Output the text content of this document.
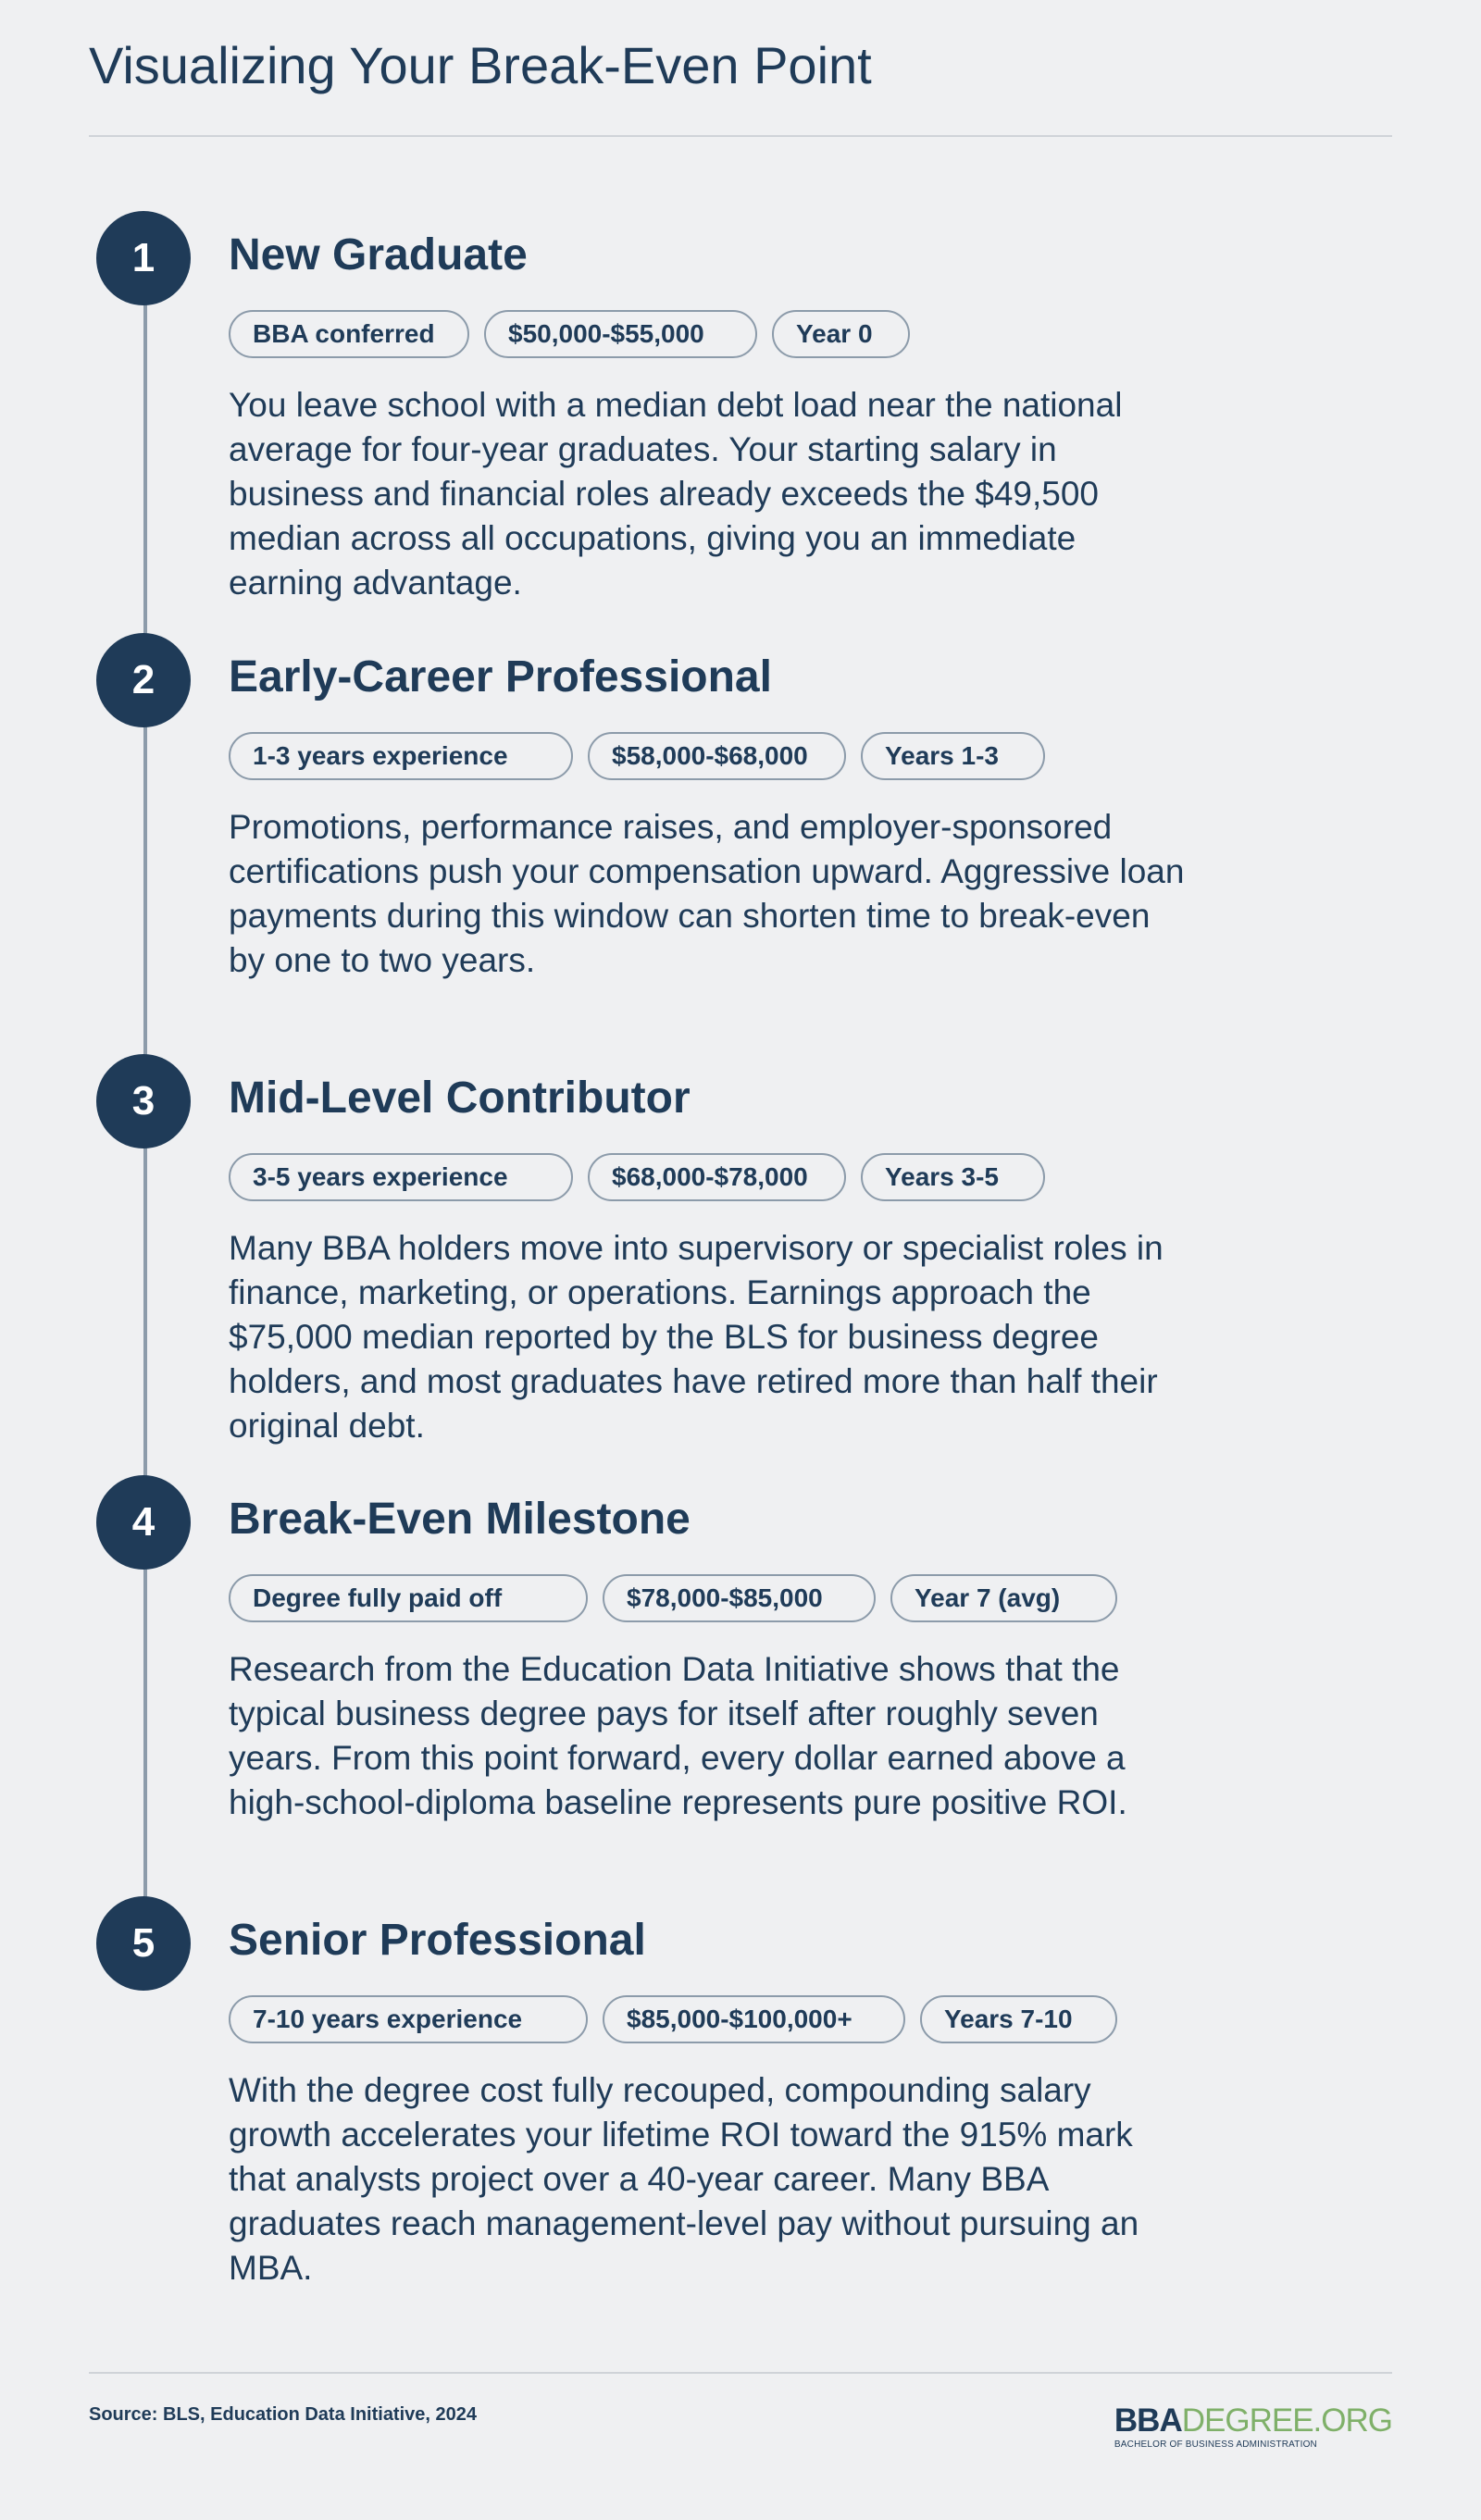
Visualizing Your Break-Even Point
1	New Graduate
BBA conferred	$50,000-$55,000	Year 0

You leave school with a median debt load near the national average for four-year graduates. Your starting salary in business and financial roles already exceeds the $49,500 median across all occupations, giving you an immediate earning advantage.

2	Early-Career Professional
1-3 years experience	$58,000-$68,000	Years 1-3

Promotions, performance raises, and employer-sponsored certifications push your compensation upward. Aggressive loan payments during this window can shorten time to break-even by one to two years.

3	Mid-Level Contributor
3-5 years experience	$68,000-$78,000	Years 3-5

Many BBA holders move into supervisory or specialist roles in finance, marketing, or operations. Earnings approach the $75,000 median reported by the BLS for business degree holders, and most graduates have retired more than half their original debt.

4	Break-Even Milestone
Degree fully paid off	$78,000-$85,000	Year 7 (avg)

Research from the Education Data Initiative shows that the typical business degree pays for itself after roughly seven years. From this point forward, every dollar earned above a high-school-diploma baseline represents pure positive ROI.

5	Senior Professional
7-10 years experience	$85,000-$100,000+	Years 7-10

With the degree cost fully recouped, compounding salary growth accelerates your lifetime ROI toward the 915% mark that analysts project over a 40-year career. Many BBA graduates reach management-level pay without pursuing an MBA.

Source: BLS, Education Data Initiative, 2024	BBADEGREE.ORG
BACHELOR OF BUSINESS ADMINISTRATION
